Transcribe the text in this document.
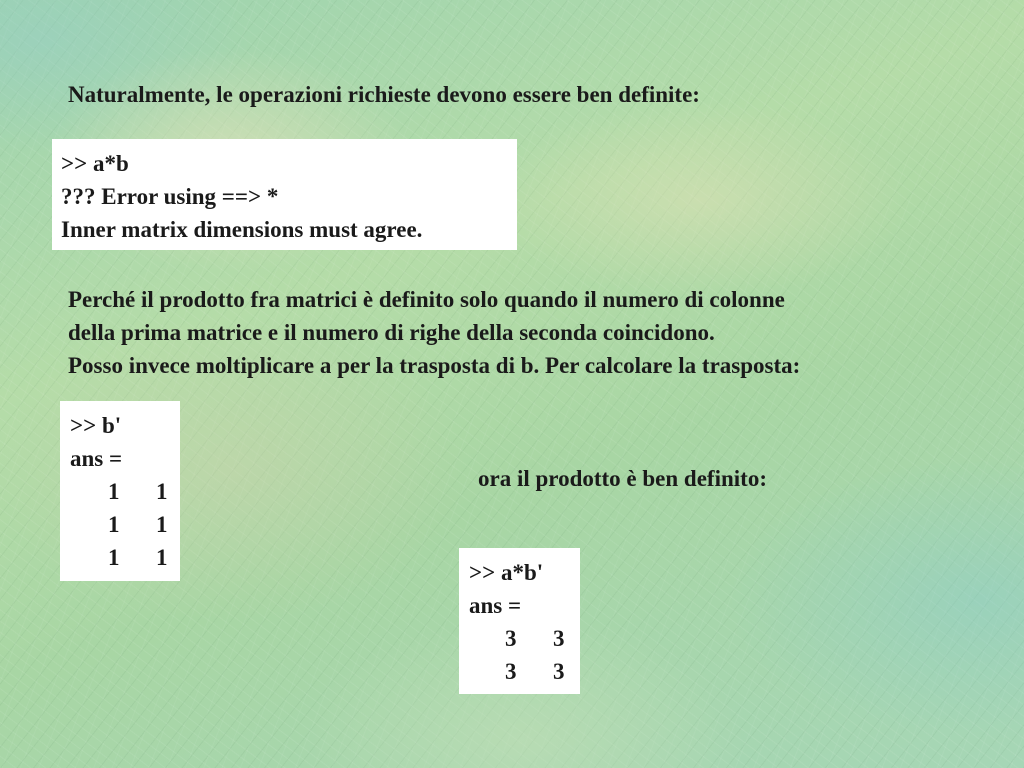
Naturalmente, le operazioni richieste devono essere ben definite:
>> a*b
??? Error using ==> *
Inner matrix dimensions must agree.
Perché il prodotto fra matrici è definito solo quando il numero di colonne
della prima matrice e il numero di righe della seconda coincidono.
Posso invece moltiplicare a per la trasposta di b. Per calcolare la trasposta:
>> b'
ans =
1 1
1 1
1 1
ora il prodotto è ben definito:
>> a*b'
ans =
3 3
3 3
